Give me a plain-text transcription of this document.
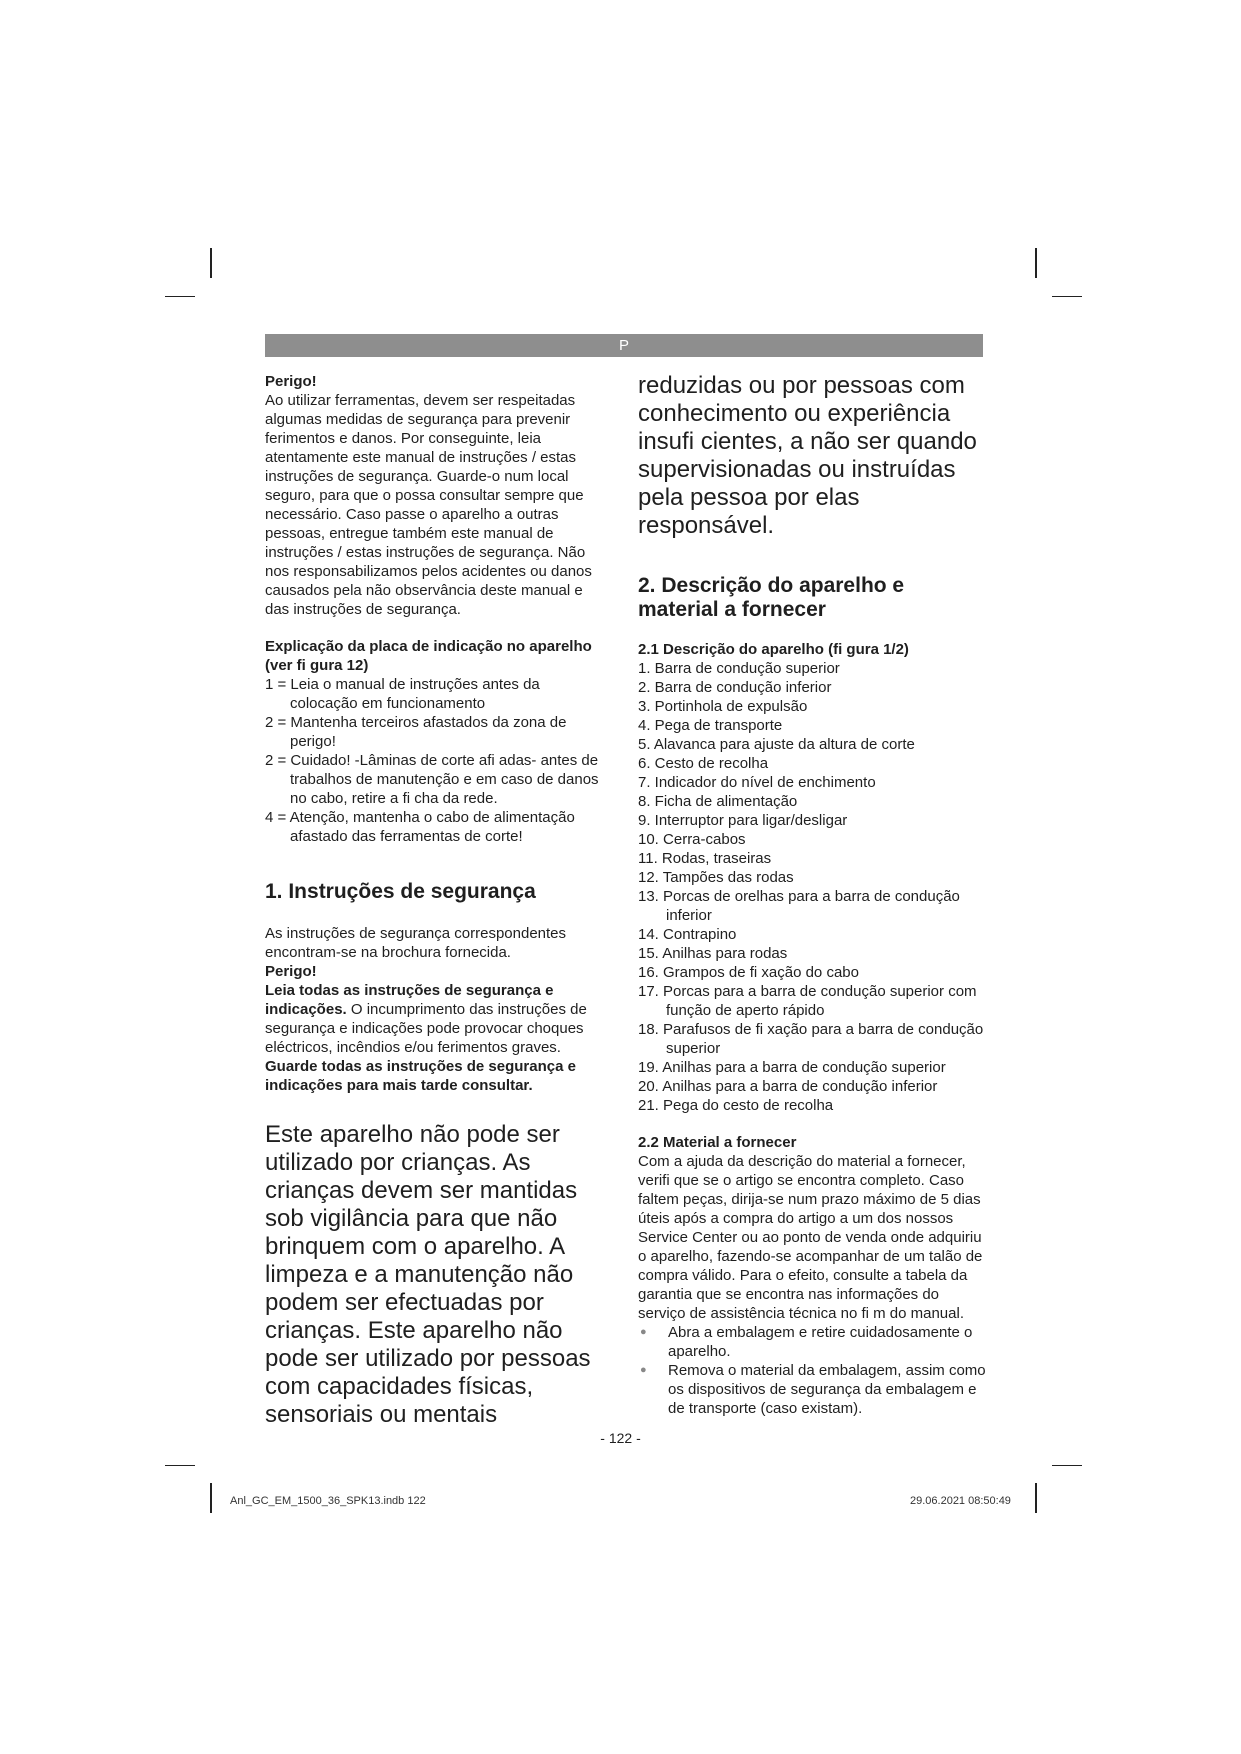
P
Perigo!

Ao utilizar ferramentas, devem ser respeitadas algumas medidas de segurança para prevenir ferimentos e danos. Por conseguinte, leia atentamente este manual de instruções / estas instruções de segurança. Guarde-o num local seguro, para que o possa consultar sempre que necessário. Caso passe o aparelho a outras pessoas, entregue também este manual de instruções / estas instruções de segurança. Não nos responsabilizamos pelos acidentes ou danos causados pela não observância deste manual e das instruções de segurança.

Explicação da placa de indicação no aparelho (ver fi gura 12)
1 = Leia o manual de instruções antes da colocação em funcionamento
2 = Mantenha terceiros afastados da zona de perigo!
2 = Cuidado! -Lâminas de corte afi adas- antes de trabalhos de manutenção e em caso de danos no cabo, retire a fi cha da rede.
4 = Atenção, mantenha o cabo de alimentação afastado das ferramentas de corte!
1. Instruções de segurança

As instruções de segurança correspondentes encontram-se na brochura fornecida.

Perigo!

Leia todas as instruções de segurança e indicações. O incumprimento das instruções de segurança e indicações pode provocar choques eléctricos, incêndios e/ou ferimentos graves.

Guarde todas as instruções de segurança e indicações para mais tarde consultar.

Este aparelho não pode ser utilizado por crianças. As crianças devem ser mantidas sob vigilância para que não brinquem com o aparelho. A limpeza e a manutenção não podem ser efectuadas por crianças. Este aparelho não pode ser utilizado por pessoas com capacidades físicas, sensoriais ou mentais

reduzidas ou por pessoas com conhecimento ou experiência insufi cientes, a não ser quando supervisionadas ou instruídas pela pessoa por elas responsável.

2. Descrição do aparelho e material a fornecer
2.1 Descrição do aparelho (fi gura 1/2)
1. Barra de condução superior
2. Barra de condução inferior
3. Portinhola de expulsão
4. Pega de transporte
5. Alavanca para ajuste da altura de corte
6. Cesto de recolha
7. Indicador do nível de enchimento
8. Ficha de alimentação
9. Interruptor para ligar/desligar
10. Cerra-cabos
11. Rodas, traseiras
12. Tampões das rodas
13. Porcas de orelhas para a barra de condução inferior
14. Contrapino
15. Anilhas para rodas
16. Grampos de fi xação do cabo
17. Porcas para a barra de condução superior com função de aperto rápido
18. Parafusos de fi xação para a barra de condução superior
19. Anilhas para a barra de condução superior
20. Anilhas para a barra de condução inferior
21. Pega do cesto de recolha
2.2 Material a fornecer

Com a ajuda da descrição do material a fornecer, verifi que se o artigo se encontra completo. Caso faltem peças, dirija-se num prazo máximo de 5 dias úteis após a compra do artigo a um dos nossos Service Center ou ao ponto de venda onde adquiriu o aparelho, fazendo-se acompanhar de um talão de compra válido. Para o efeito, consulte a tabela da garantia que se encontra nas informações do serviço de assistência técnica no fi m do manual.

● Abra a embalagem e retire cuidadosamente o aparelho.
● Remova o material da embalagem, assim como os dispositivos de segurança da embalagem e de transporte (caso existam).
- 122 -
Anl_GC_EM_1500_36_SPK13.indb 122	29.06.2021 08:50:49
